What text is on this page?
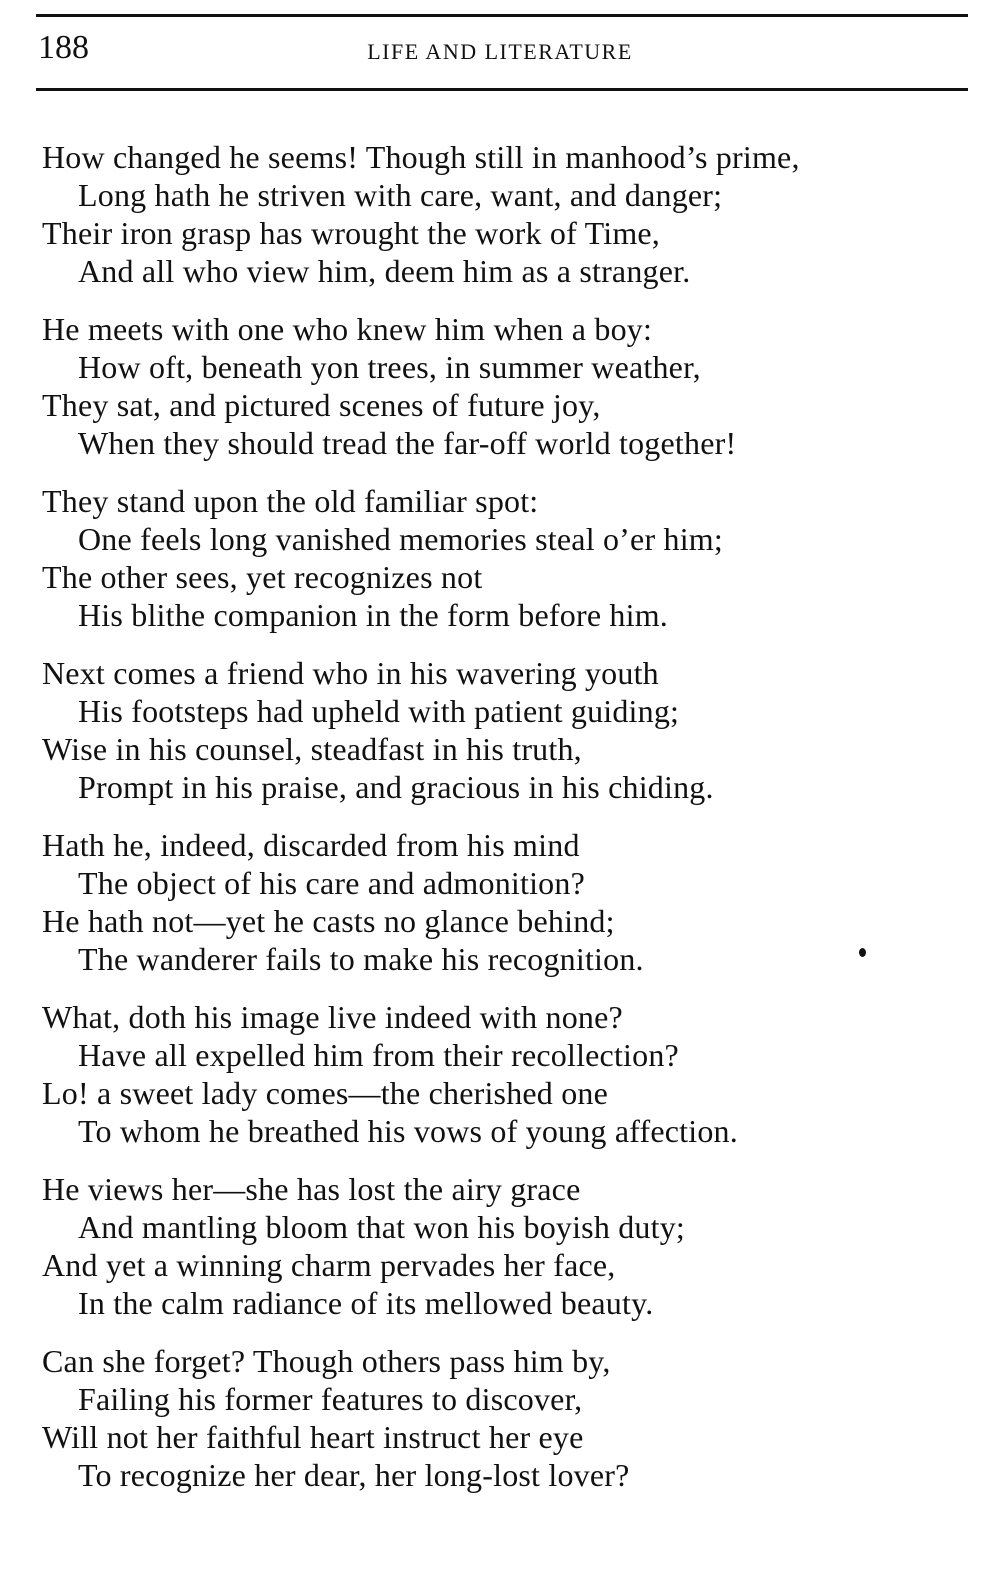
188	LIFE AND LITERATURE
How changed he seems! Though still in manhood’s prime,
Long hath he striven with care, want, and danger;
Their iron grasp has wrought the work of Time,
And all who view him, deem him as a stranger.
He meets with one who knew him when a boy:
How oft, beneath yon trees, in summer weather,
They sat, and pictured scenes of future joy,
When they should tread the far-off world together!
They stand upon the old familiar spot:
One feels long vanished memories steal o’er him;
The other sees, yet recognizes not
His blithe companion in the form before him.
Next comes a friend who in his wavering youth
His footsteps had upheld with patient guiding;
Wise in his counsel, steadfast in his truth,
Prompt in his praise, and gracious in his chiding.
Hath he, indeed, discarded from his mind
The object of his care and admonition?
He hath not—yet he casts no glance behind;
The wanderer fails to make his recognition.
What, doth his image live indeed with none?
Have all expelled him from their recollection?
Lo! a sweet lady comes—the cherished one
To whom he breathed his vows of young affection.
He views her—she has lost the airy grace
And mantling bloom that won his boyish duty;
And yet a winning charm pervades her face,
In the calm radiance of its mellowed beauty.
Can she forget? Though others pass him by,
Failing his former features to discover,
Will not her faithful heart instruct her eye
To recognize her dear, her long-lost lover?
